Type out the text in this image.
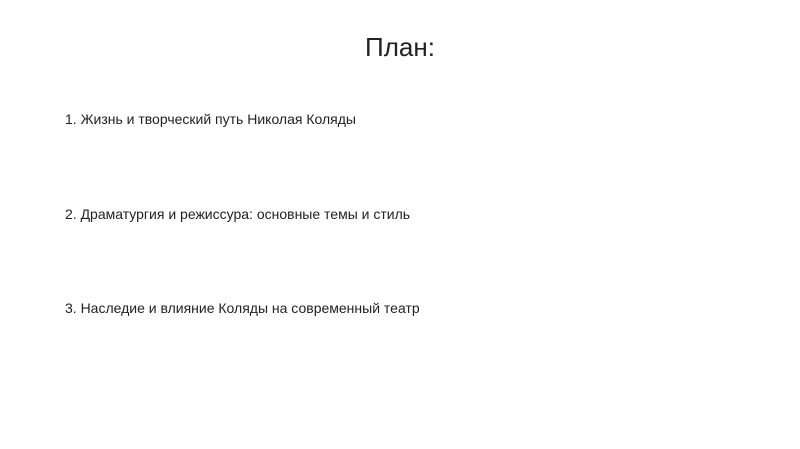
План:
1. Жизнь и творческий путь Николая Коляды
2. Драматургия и режиссура: основные темы и стиль
3. Наследие и влияние Коляды на современный театр
